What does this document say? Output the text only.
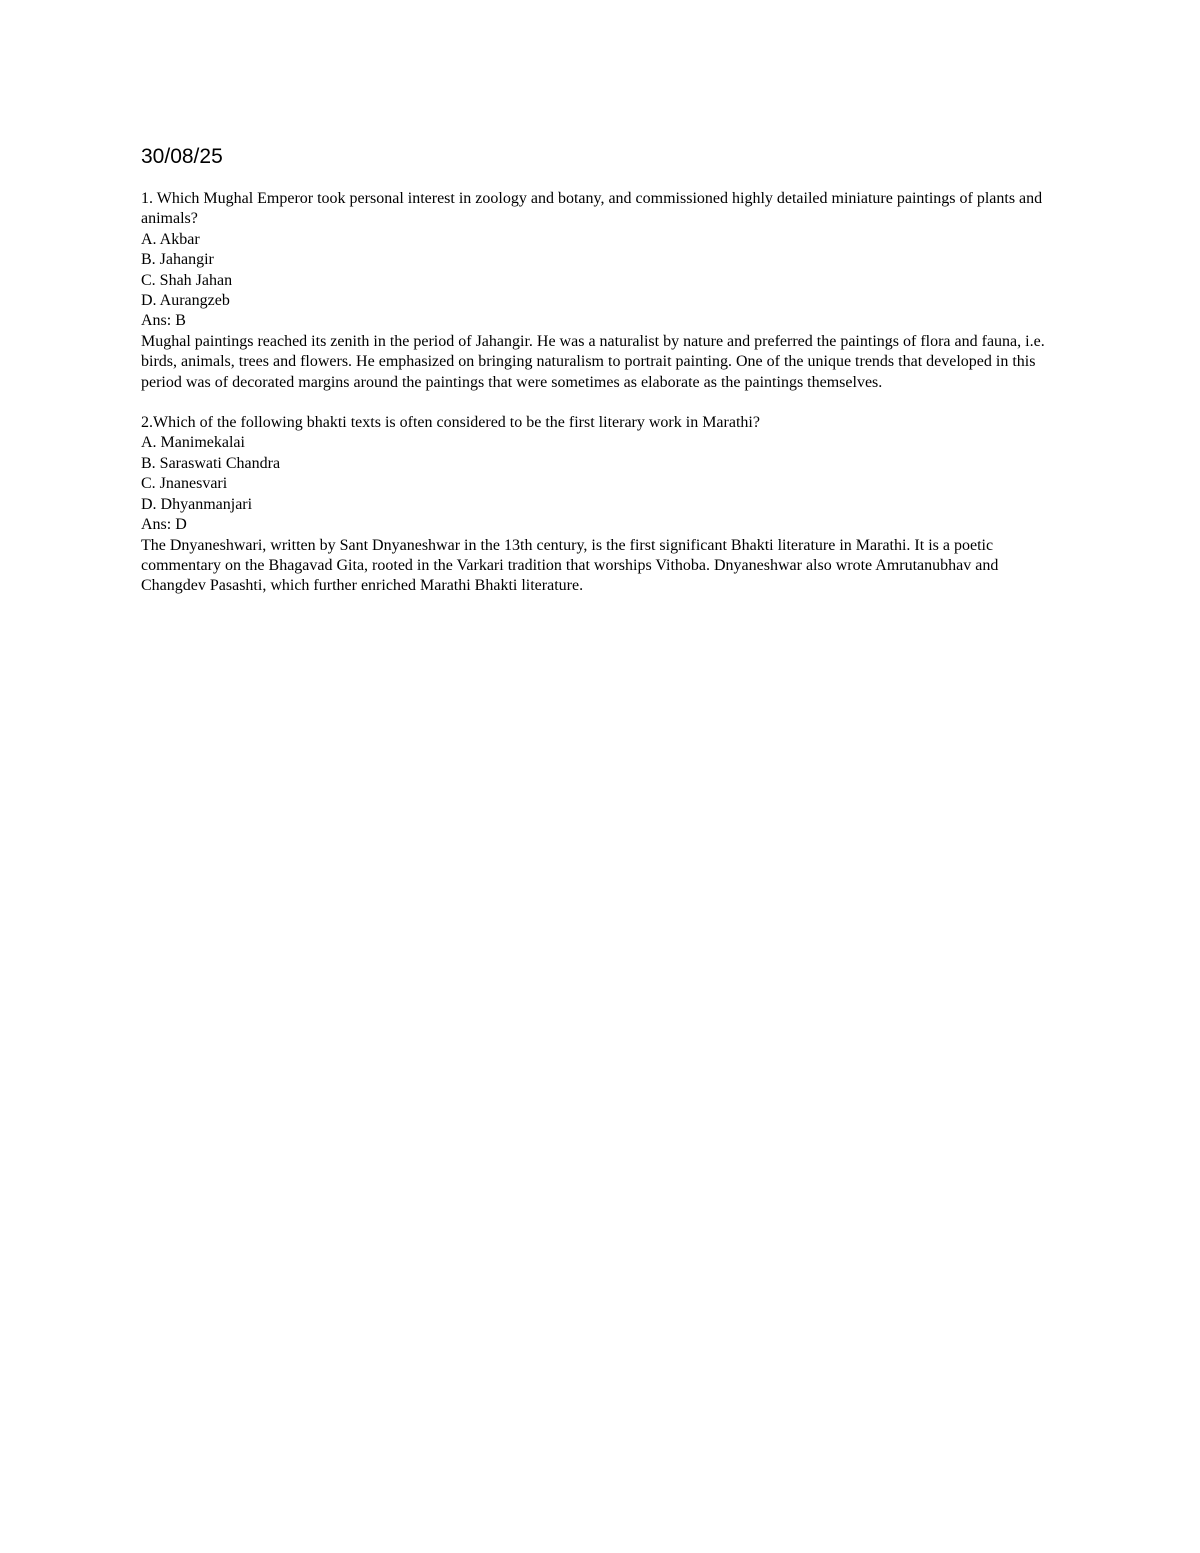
30/08/25

1. Which Mughal Emperor took personal interest in zoology and botany, and commissioned highly detailed miniature paintings of plants and animals?

A. Akbar

B. Jahangir

C. Shah Jahan

D. Aurangzeb

Ans: B

Mughal paintings reached its zenith in the period of Jahangir. He was a naturalist by nature and preferred the paintings of flora and fauna, i.e. birds, animals, trees and flowers. He emphasized on bringing naturalism to portrait painting. One of the unique trends that developed in this period was of decorated margins around the paintings that were sometimes as elaborate as the paintings themselves.

2.Which of the following bhakti texts is often considered to be the first literary work in Marathi?

A. Manimekalai

B. Saraswati Chandra

C. Jnanesvari

D. Dhyanmanjari

Ans: D

The Dnyaneshwari, written by Sant Dnyaneshwar in the 13th century, is the first significant Bhakti literature in Marathi. It is a poetic commentary on the Bhagavad Gita, rooted in the Varkari tradition that worships Vithoba. Dnyaneshwar also wrote Amrutanubhav and Changdev Pasashti, which further enriched Marathi Bhakti literature.
